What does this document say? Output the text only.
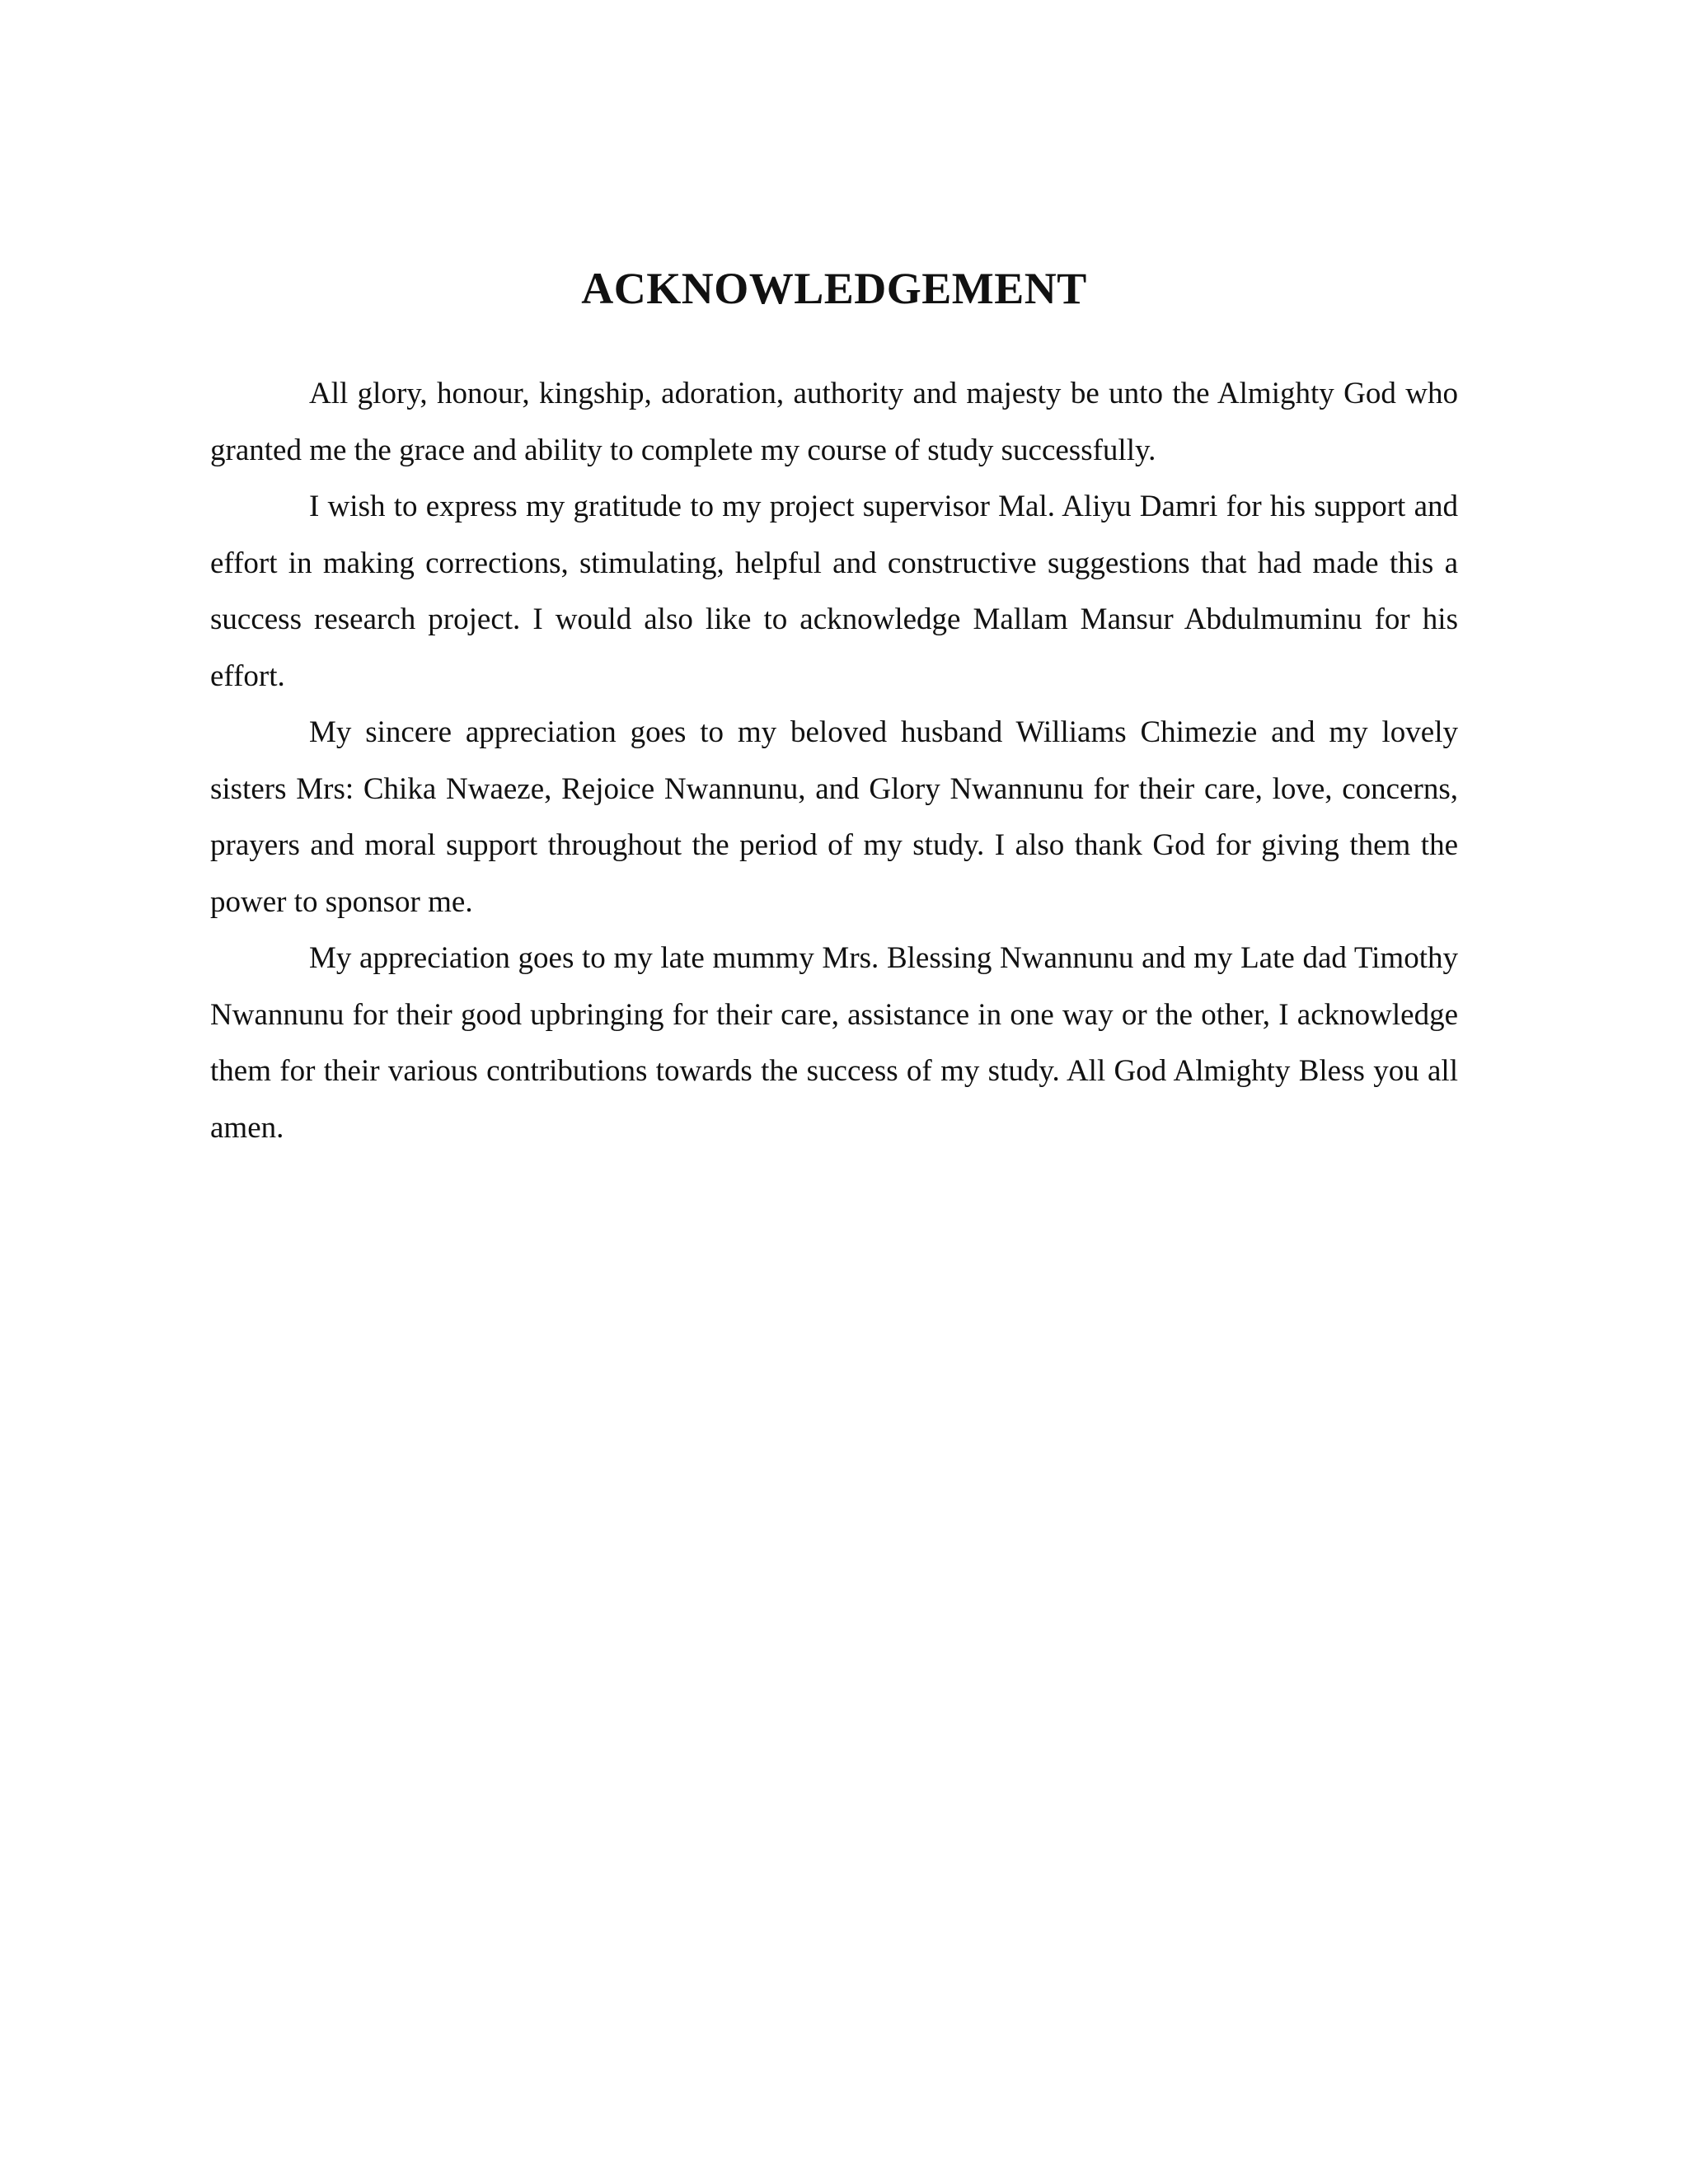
ACKNOWLEDGEMENT

All glory, honour, kingship, adoration, authority and majesty be unto the Almighty God who granted me the grace and ability to complete my course of study successfully.

I wish to express my gratitude to my project supervisor Mal. Aliyu Damri for his support and effort in making corrections, stimulating, helpful and constructive suggestions that had made this a success research project. I would also like to acknowledge Mallam Mansur Abdulmuminu for his effort.

My sincere appreciation goes to my beloved husband Williams Chimezie and my lovely sisters Mrs: Chika Nwaeze, Rejoice Nwannunu, and Glory Nwannunu for their care, love, concerns, prayers and moral support throughout the period of my study. I also thank God for giving them the power to sponsor me.

My appreciation goes to my late mummy Mrs. Blessing Nwannunu and my Late dad Timothy Nwannunu for their good upbringing for their care, assistance in one way or the other, I acknowledge them for their various contributions towards the success of my study. All God Almighty Bless you all amen.
